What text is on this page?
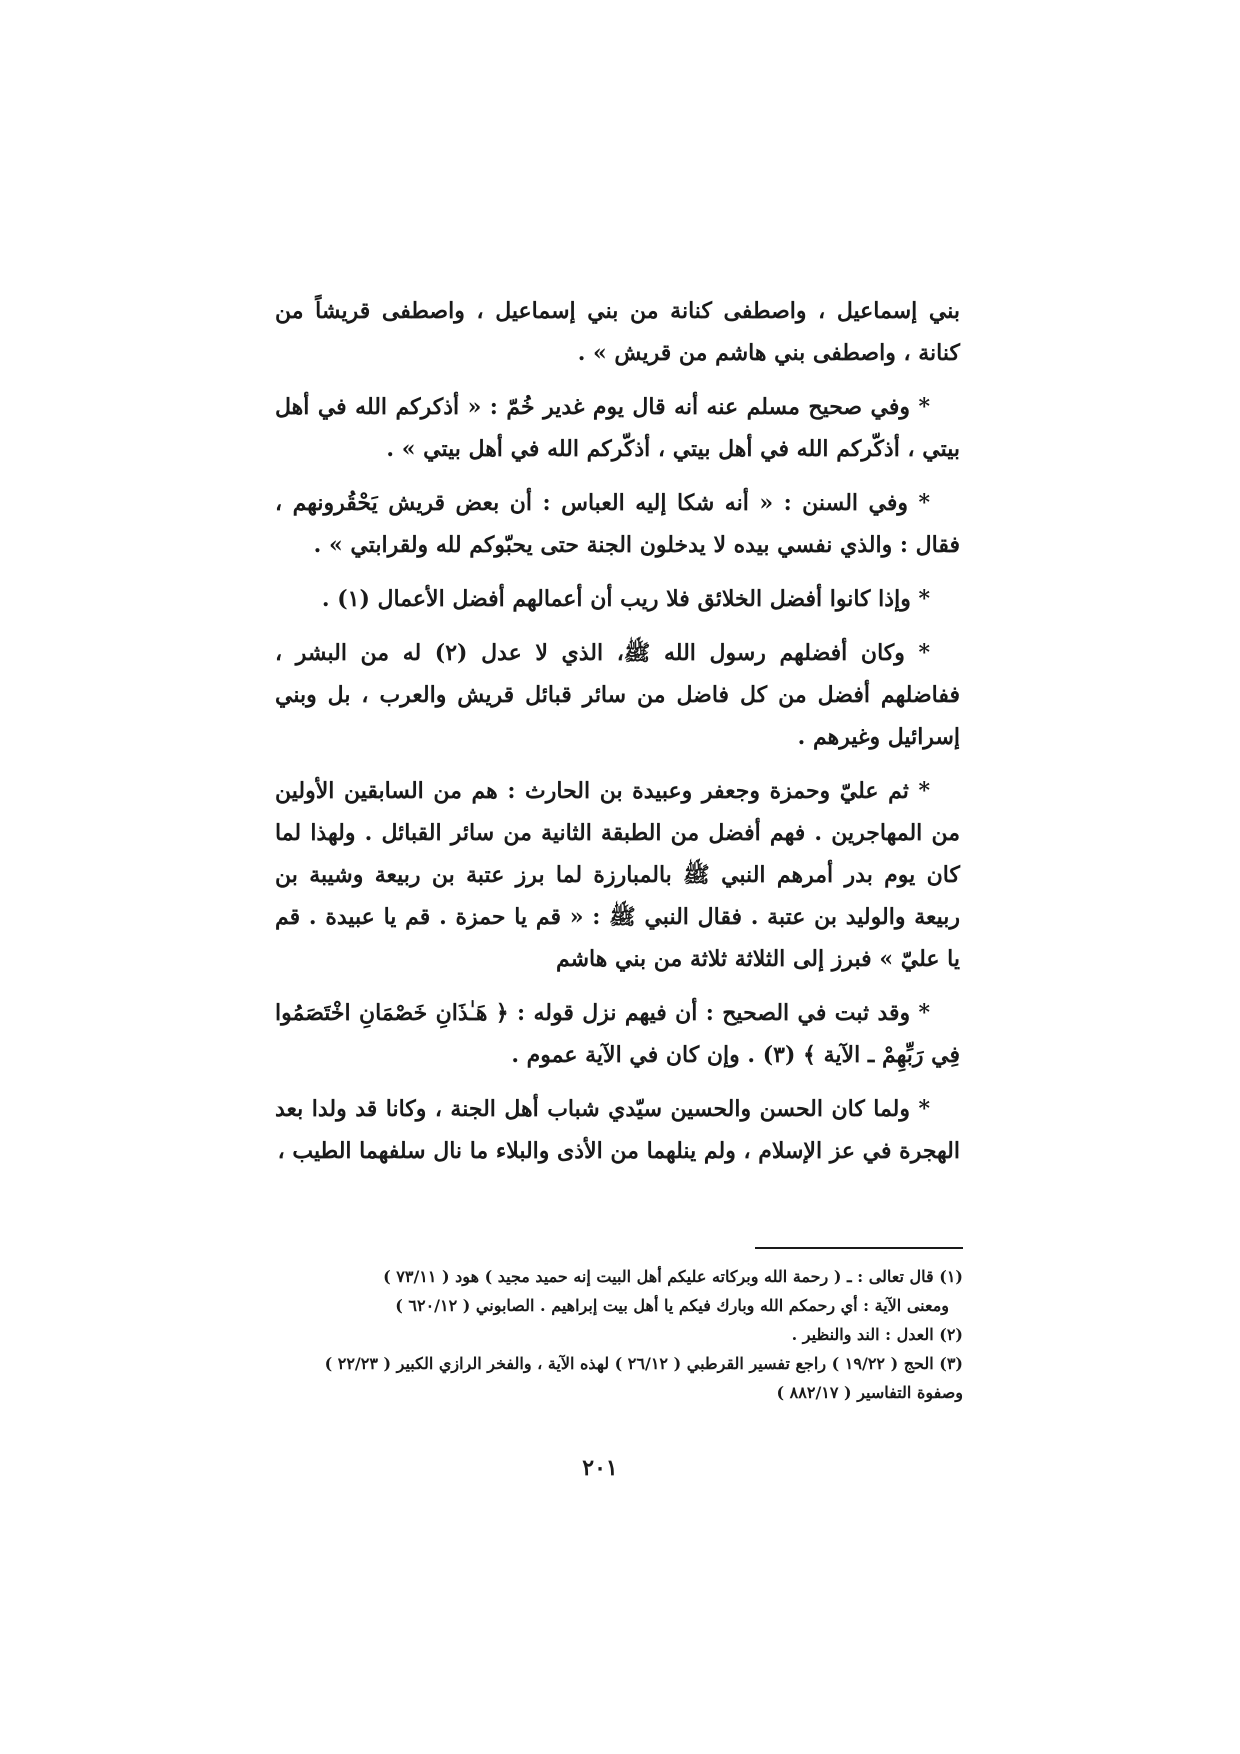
بني إسماعيل ، واصطفى كنانة من بني إسماعيل ، واصطفى قريشاً من كنانة ، واصطفى بني هاشم من قريش » .

* وفي صحيح مسلم عنه أنه قال يوم غدير خُمّ : « أذكركم الله في أهل بيتي ، أذكّركم الله في أهل بيتي ، أذكّركم الله في أهل بيتي » .

* وفي السنن : « أنه شكا إليه العباس : أن بعض قريش يَحْقُرونهم ، فقال : والذي نفسي بيده لا يدخلون الجنة حتى يحبّوكم لله ولقرابتي » .

* وإذا كانوا أفضل الخلائق فلا ريب أن أعمالهم أفضل الأعمال (١) .

* وكان أفضلهم رسول الله ﷺ، الذي لا عدل (٢) له من البشر ، ففاضلهم أفضل من كل فاضل من سائر قبائل قريش والعرب ، بل وبني إسرائيل وغيرهم .

* ثم عليّ وحمزة وجعفر وعبيدة بن الحارث : هم من السابقين الأولين من المهاجرين . فهم أفضل من الطبقة الثانية من سائر القبائل . ولهذا لما كان يوم بدر أمرهم النبي ﷺ بالمبارزة لما برز عتبة بن ربيعة وشيبة بن ربيعة والوليد بن عتبة . فقال النبي ﷺ : « قم يا حمزة . قم يا عبيدة . قم يا عليّ » فبرز إلى الثلاثة ثلاثة من بني هاشم

* وقد ثبت في الصحيح : أن فيهم نزل قوله : ﴿ هَـٰذَانِ خَصْمَانِ اخْتَصَمُوا فِي رَبِّهِمْ ـ الآية ﴾ (٣) . وإن كان في الآية عموم .

* ولما كان الحسن والحسين سيّدي شباب أهل الجنة ، وكانا قد ولدا بعد الهجرة في عز الإسلام ، ولم ينلهما من الأذى والبلاء ما نال سلفهما الطيب ،

(١) قال تعالى : ـ ( رحمة الله وبركاته عليكم أهل البيت إنه حميد مجيد ) هود ( ٧٣/١١ )

ومعنى الآية : أي رحمكم الله وبارك فيكم يا أهل بيت إبراهيم . الصابوني ( ٦٢٠/١٢ )

(٢) العدل : الند والنظير .

(٣) الحج ( ١٩/٢٢ ) راجع تفسير القرطبي ( ٢٦/١٢ ) لهذه الآية ، والفخر الرازي الكبير ( ٢٢/٢٣ ) وصفوة التفاسير ( ٨٨٢/١٧ )

٢٠١
